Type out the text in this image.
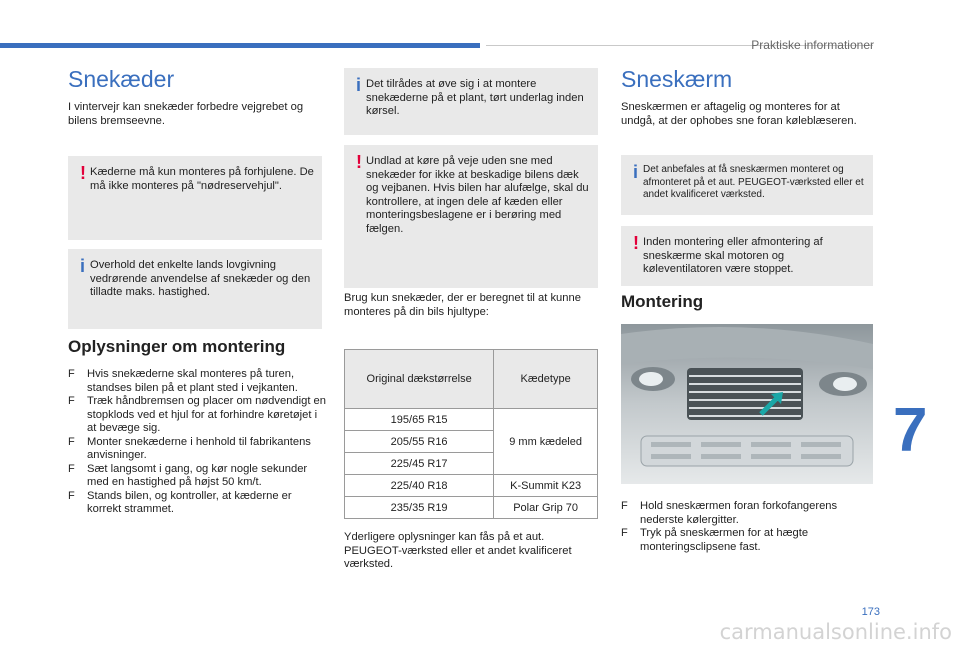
Praktiske informationer
7
173
carmanualsonline.info
Snekæder

I vintervejr kan snekæder forbedre vejgrebet og bilens bremseevne.

! Kæderne må kun monteres på forhjulene. De må ikke monteres på "nødreservehjul".
i Overhold det enkelte lands lovgivning vedrørende anvendelse af snekæder og den tilladte maks. hastighed.
Oplysninger om montering
F	Hvis snekæderne skal monteres på turen, standses bilen på et plant sted i vejkanten.
F	Træk håndbremsen og placer om nødvendigt en stopklods ved et hjul for at forhindre køretøjet i at bevæge sig.
F	Monter snekæderne i henhold til fabrikantens anvisninger.
F	Sæt langsomt i gang, og kør nogle sekunder med en hastighed på højst 50 km/t.
F	Stands bilen, og kontroller, at kæderne er korrekt strammet.
i Det tilrådes at øve sig i at montere snekæderne på et plant, tørt underlag inden kørsel.
! Undlad at køre på veje uden sne med snekæder for ikke at beskadige bilens dæk og vejbanen. Hvis bilen har alufælge, skal du kontrollere, at ingen dele af kæden eller monteringsbeslagene er i berøring med fælgen.

Brug kun snekæder, der er beregnet til at kunne monteres på din bils hjultype:

Original dækstørrelse	Kædetype
195/65 R15	9 mm kædeled
205/55 R16	
225/45 R17	
225/40 R18	K-Summit K23
235/35 R19	Polar Grip 70

Yderligere oplysninger kan fås på et aut. PEUGEOT-værksted eller et andet kvalificeret værksted.

Sneskærm

Sneskærmen er aftagelig og monteres for at undgå, at der ophobes sne foran køleblæseren.

i Det anbefales at få sneskærmen monteret og afmonteret på et aut. PEUGEOT-værksted eller et andet kvalificeret værksted.
! Inden montering eller afmontering af sneskærme skal motoren og køleventilatoren være stoppet.
Montering
F	Hold sneskærmen foran forkofangerens nederste kølergitter.
F	Tryk på sneskærmen for at hægte monteringsclipsene fast.
